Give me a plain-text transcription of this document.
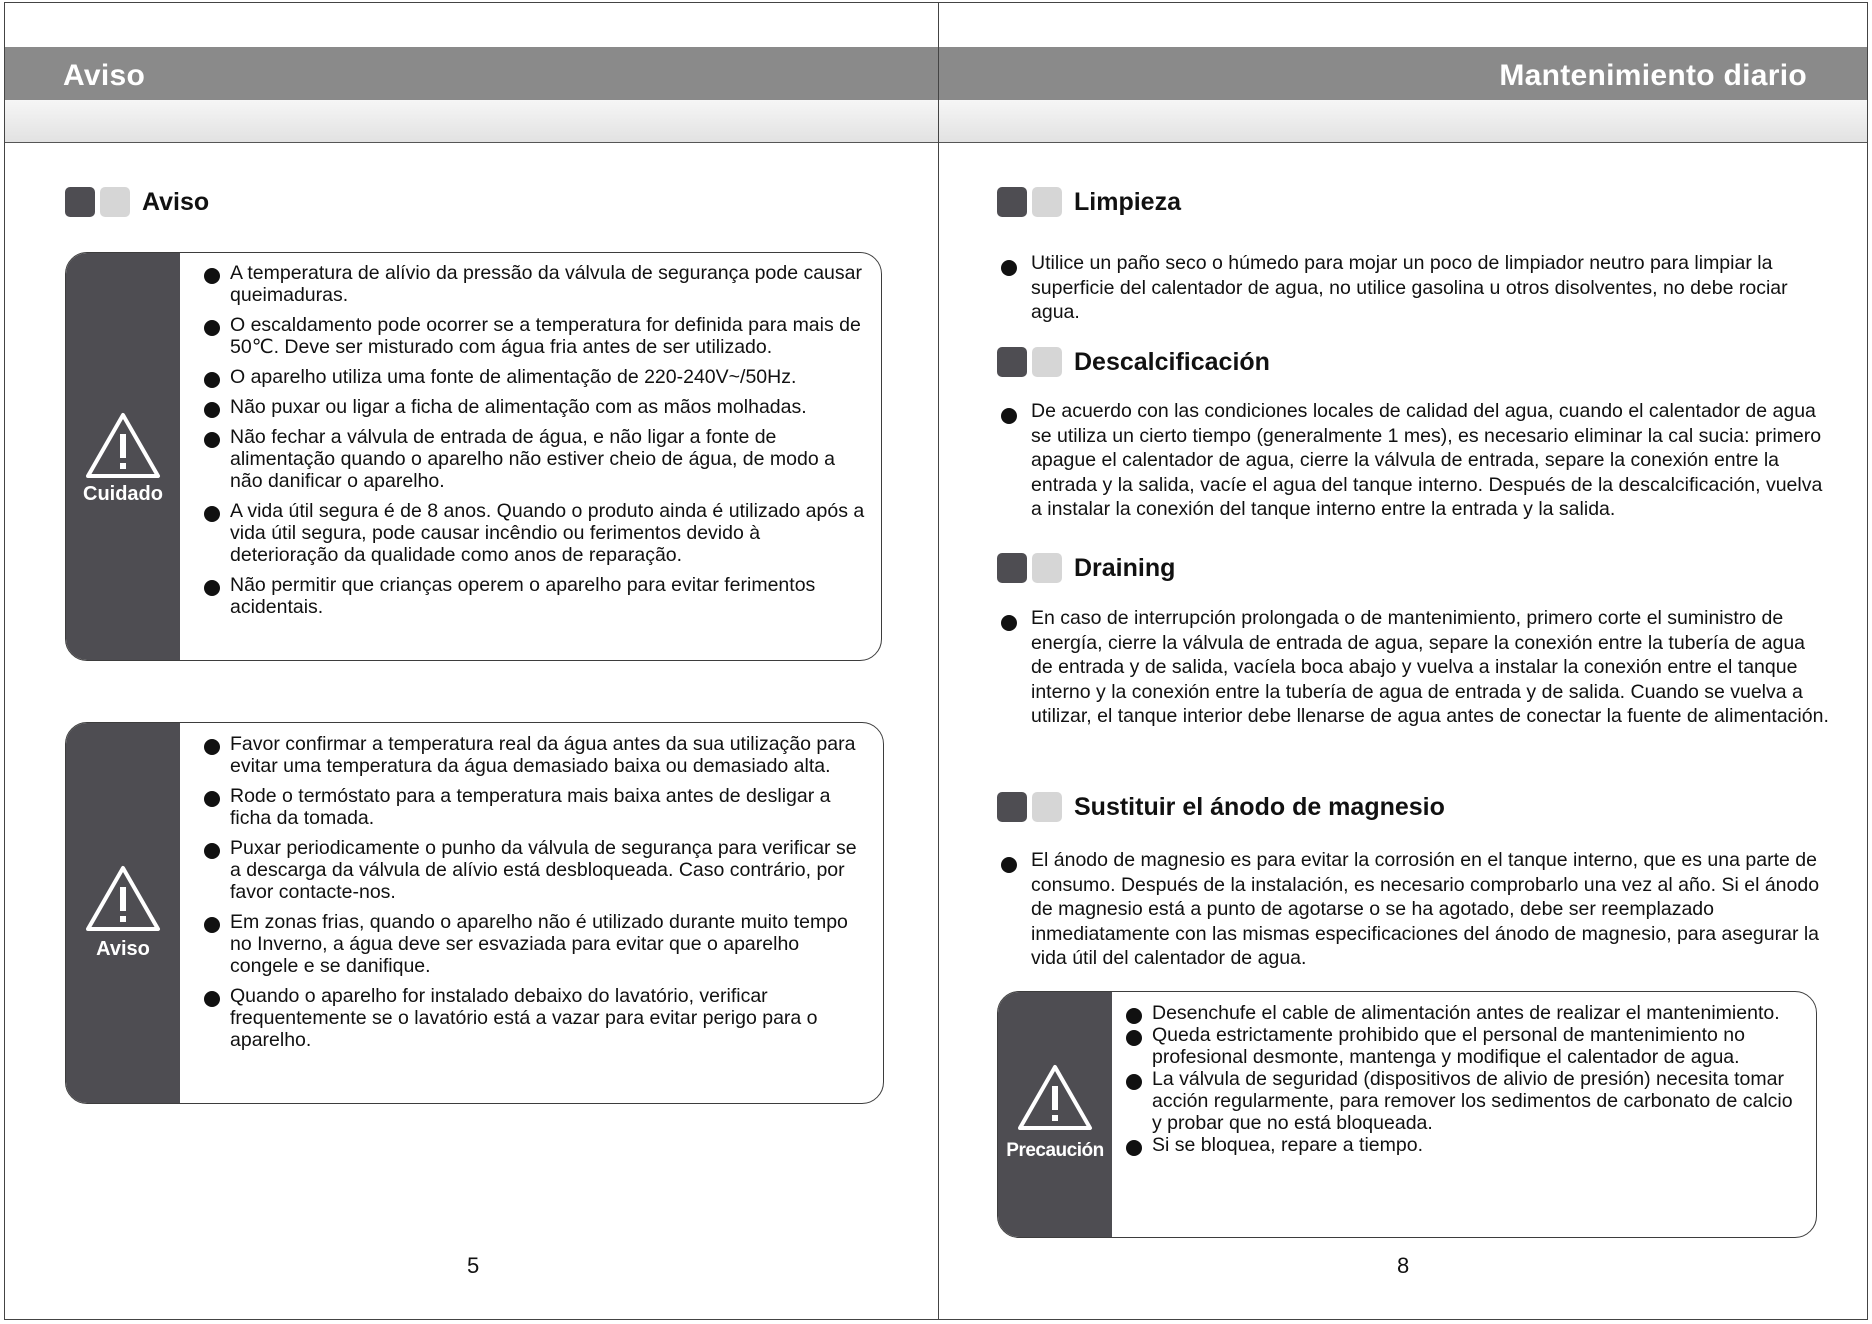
Aviso
Aviso
Cuidado
A temperatura de alívio da pressão da válvula de segurança pode causar queimaduras.
O escaldamento pode ocorrer se a temperatura for definida para mais de 50℃. Deve ser misturado com água fria antes de ser utilizado.
O aparelho utiliza uma fonte de alimentação de 220-240V~/50Hz.
Não puxar ou ligar a ficha de alimentação com as mãos molhadas.
Não fechar a válvula de entrada de água, e não ligar a fonte de alimentação quando o aparelho não estiver cheio de água, de modo a não danificar o aparelho.
A vida útil segura é de 8 anos. Quando o produto ainda é utilizado após a vida útil segura, pode causar incêndio ou ferimentos devido à deterioração da qualidade como anos de reparação.
Não permitir que crianças operem o aparelho para evitar ferimentos acidentais.
Aviso
Favor confirmar a temperatura real da água antes da sua utilização para evitar uma temperatura da água demasiado baixa ou demasiado alta.
Rode o termóstato para a temperatura mais baixa antes de desligar a ficha da tomada.
Puxar periodicamente o punho da válvula de segurança para verificar se a descarga da válvula de alívio está desbloqueada. Caso contrário, por favor contacte-nos.
Em zonas frias, quando o aparelho não é utilizado durante muito tempo no Inverno, a água deve ser esvaziada para evitar que o aparelho congele e se danifique.
Quando o aparelho for instalado debaixo do lavatório, verificar frequentemente se o lavatório está a vazar para evitar perigo para o aparelho.
5
Mantenimiento diario
Limpieza
Utilice un paño seco o húmedo para mojar un poco de limpiador neutro para limpiar la superficie del calentador de agua, no utilice gasolina u otros disolventes, no debe rociar agua.
Descalcificación
De acuerdo con las condiciones locales de calidad del agua, cuando el calentador de agua se utiliza un cierto tiempo (generalmente 1 mes), es necesario eliminar la cal sucia: primero apague el calentador de agua, cierre la válvula de entrada, separe la conexión entre la entrada y la salida, vacíe el agua del tanque interno. Después de la descalcificación, vuelva a instalar la conexión del tanque interno entre la entrada y la salida.
Draining
En caso de interrupción prolongada o de mantenimiento, primero corte el suministro de energía, cierre la válvula de entrada de agua, separe la conexión entre la tubería de agua de entrada y de salida, vacíela boca abajo y vuelva a instalar la conexión entre el tanque interno y la conexión entre la tubería de agua de entrada y de salida. Cuando se vuelva a utilizar, el tanque interior debe llenarse de agua antes de conectar la fuente de alimentación.
Sustituir el ánodo de magnesio
El ánodo de magnesio es para evitar la corrosión en el tanque interno, que es una parte de consumo. Después de la instalación, es necesario comprobarlo una vez al año. Si el ánodo de magnesio está a punto de agotarse o se ha agotado, debe ser reemplazado inmediatamente con las mismas especificaciones del ánodo de magnesio, para asegurar la vida útil del calentador de agua.
Precaución
Desenchufe el cable de alimentación antes de realizar el mantenimiento.
Queda estrictamente prohibido que el personal de mantenimiento no profesional desmonte, mantenga y modifique el calentador de agua.
La válvula de seguridad (dispositivos de alivio de presión) necesita tomar acción regularmente, para remover los sedimentos de carbonato de calcio y probar que no está bloqueada.
Si se bloquea, repare a tiempo.
8
